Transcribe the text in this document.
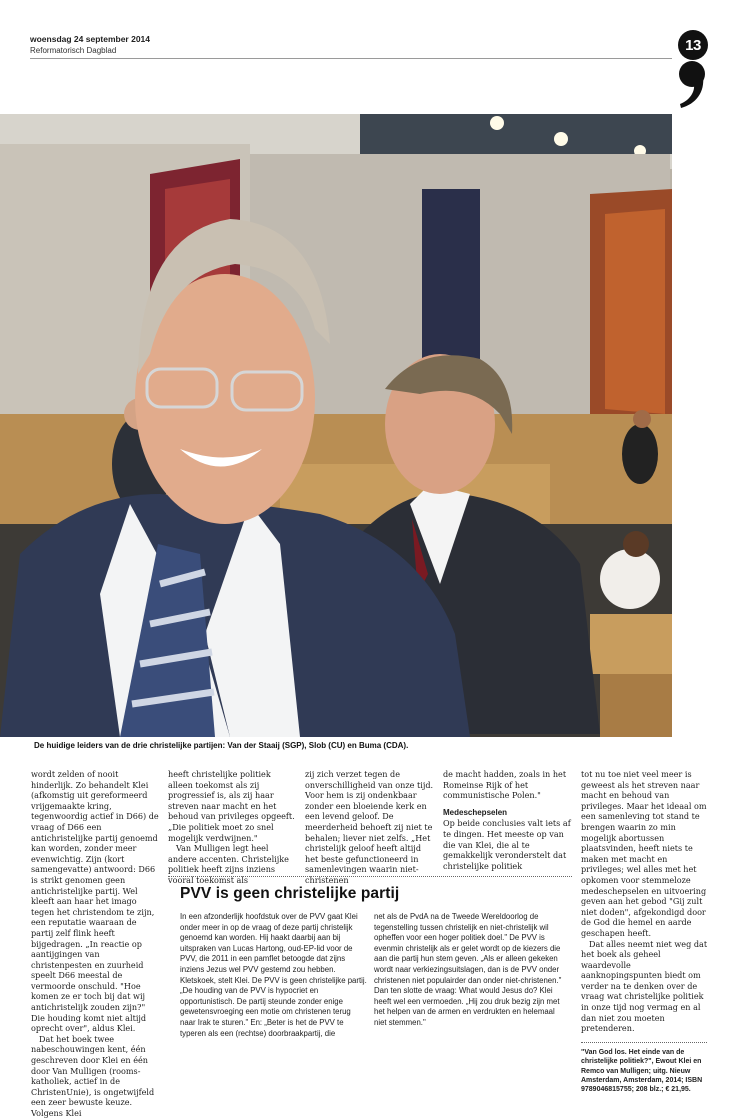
woensdag 24 september 2014
Reformatorisch Dagblad	13
De huidige leiders van de drie christelijke partijen: Van der Staaij (SGP), Slob (CU) en Buma (CDA).

wordt zelden of nooit hinderlijk. Zo behandelt Klei (afkomstig uit gereformeerd vrijgemaakte kring, tegenwoordig actief in D66) de vraag of D66 een antichristelijke partij genoemd kan worden, zonder meer evenwichtig. Zijn (kort samengevatte) antwoord: D66 is strikt genomen geen antichristelijke partij. Wel kleeft aan haar het imago tegen het christendom te zijn, een reputatie waaraan de partij zelf flink heeft bijgedragen. „In reactie op aantijgingen van christenpesten en zuurheid speelt D66 meestal de vermoorde onschuld. "Hoe komen ze er toch bij dat wij antichristelijk zouden zijn?" Die houding komt niet altijd oprecht over", aldus Klei.

Dat het boek twee nabeschouwingen kent, één geschreven door Klei en één door Van Mulligen (rooms-katholiek, actief in de ChristenUnie), is ongetwijfeld een zeer bewuste keuze. Volgens Klei

heeft christelijke politiek alleen toekomst als zij progressief is, als zij haar streven naar macht en het behoud van privileges opgeeft. „Die politiek moet zo snel mogelijk verdwijnen."

Van Mulligen legt heel andere accenten. Christelijke politiek heeft zijns inziens vooral toekomst als

zij zich verzet tegen de onverschilligheid van onze tijd. Voor hem is zij ondenkbaar zonder een bloeiende kerk en een levend geloof. De meerderheid behoeft zij niet te behalen; liever niet zelfs. „Het christelijk geloof heeft altijd het beste gefunctioneerd in samenlevingen waarin niet-christenen

de macht hadden, zoals in het Romeinse Rijk of het communistische Polen."

Medeschepselen

Op beide conclusies valt iets af te dingen. Het meeste op van die van Klei, die al te gemakkelijk veronderstelt dat christelijke politiek

tot nu toe niet veel meer is geweest als het streven naar macht en behoud van privileges. Maar het ideaal om een samenleving tot stand te brengen waarin zo min mogelijk abortussen plaatsvinden, heeft niets te maken met macht en privileges; wel alles met het opkomen voor stemmeloze medeschepselen en uitvoering geven aan het gebod "Gij zult niet doden", afgekondigd door de God die hemel en aarde geschapen heeft.

Dat alles neemt niet weg dat het boek als geheel waardevolle aanknopingspunten biedt om verder na te denken over de vraag wat christelijke politiek in onze tijd nog vermag en al dan niet zou moeten pretenderen.

"Van God los. Het einde van de christelijke politiek?", Ewout Klei en Remco van Mulligen; uitg. Nieuw Amsterdam, Amsterdam, 2014; ISBN 9789046815755; 208 blz.; € 21,95.
PVV is geen christelijke partij
In een afzonderlijk hoofdstuk over de PVV gaat Klei onder meer in op de vraag of deze partij christelijk genoemd kan worden. Hij haakt daarbij aan bij uitspraken van Lucas Hartong, oud-EP-lid voor de PVV, die 2011 in een pamflet betoogde dat zijns inziens Jezus wel PVV gestemd zou hebben. Kletskoek, stelt Klei. De PVV is geen christelijke partij. „De houding van de PVV is hypocriet en opportunistisch. De partij steunde zonder enige gewetensvroeging een motie om christenen terug naar Irak te sturen." En: „Beter is het de PVV te typeren als een (rechtse) doorbraakpartij, die
net als de PvdA na de Tweede Wereldoorlog de tegenstelling tussen christelijk en niet-christelijk wil opheffen voor een hoger politiek doel." De PVV is evenmin christelijk als er gelet wordt op de kiezers die aan die partij hun stem geven. „Als er alleen gekeken wordt naar verkiezingsuitslagen, dan is de PVV onder christenen niet populairder dan onder niet-christenen." Dan ten slotte de vraag: What would Jesus do? Klei heeft wel een vermoeden. „Hij zou druk bezig zijn met het helpen van de armen en verdrukten en helemaal niet stemmen."
